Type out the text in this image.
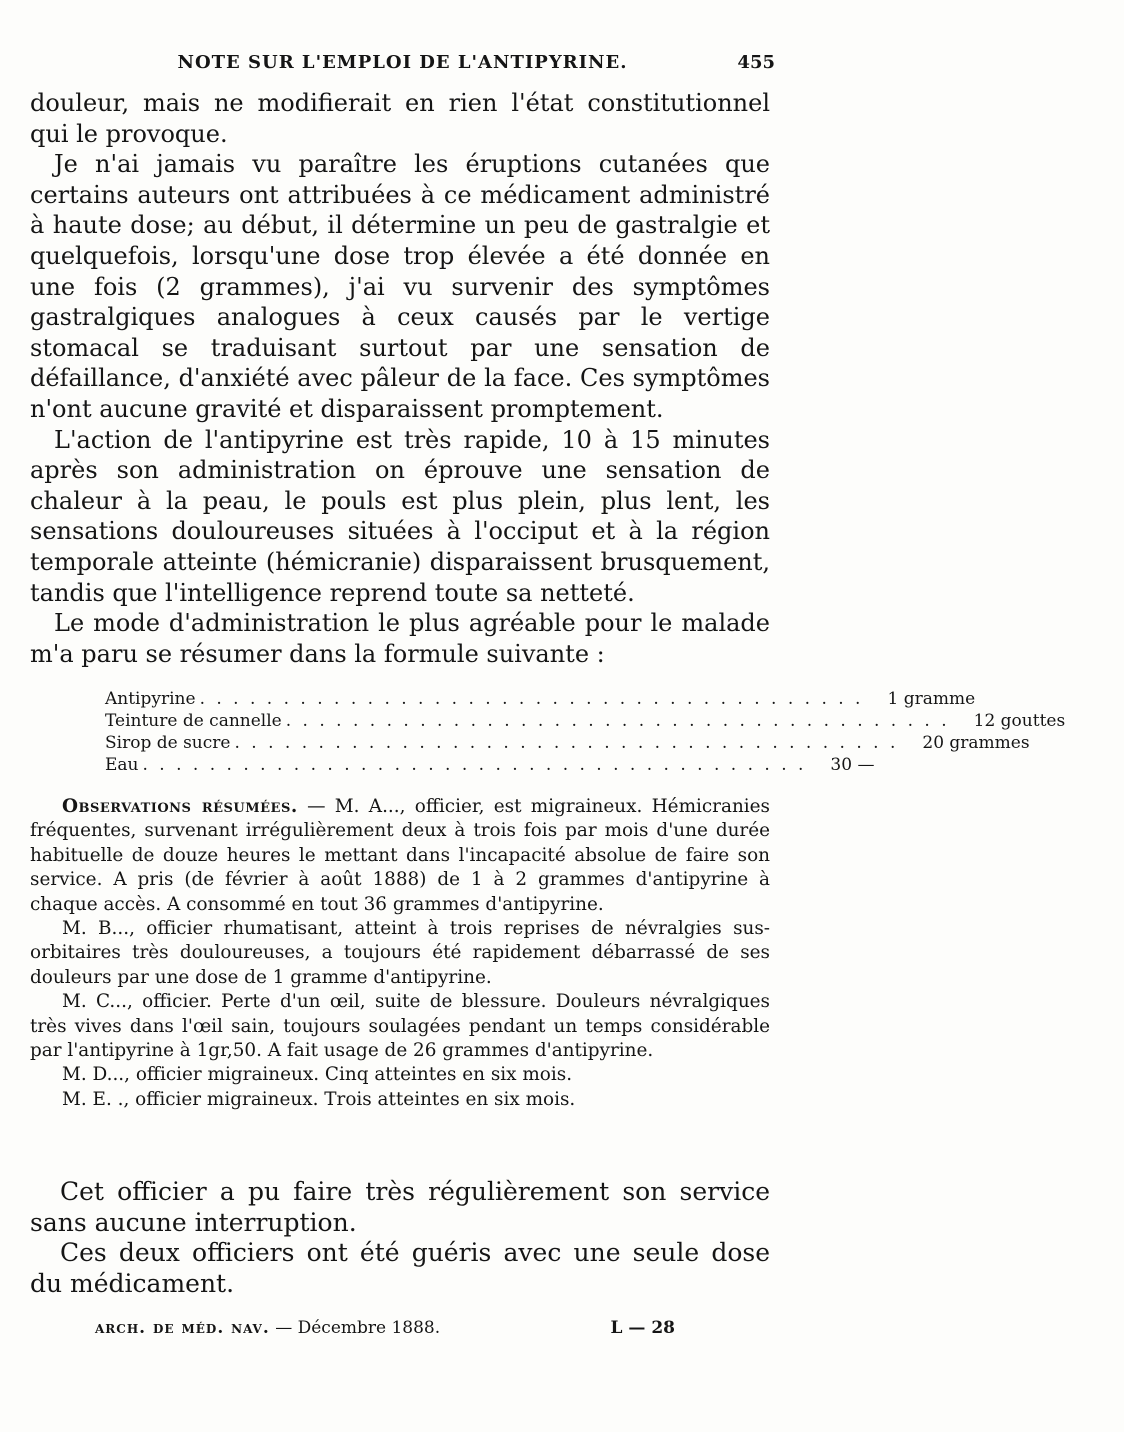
NOTE SUR L'EMPLOI DE L'ANTIPYRINE.	455

douleur, mais ne modifierait en rien l'état constitutionnel qui le provoque.

Je n'ai jamais vu paraître les éruptions cutanées que certains auteurs ont attribuées à ce médicament administré à haute dose; au début, il détermine un peu de gastralgie et quelquefois, lorsqu'une dose trop élevée a été donnée en une fois (2 grammes), j'ai vu survenir des symptômes gastralgiques analogues à ceux causés par le vertige stomacal se traduisant surtout par une sensation de défaillance, d'anxiété avec pâleur de la face. Ces symptômes n'ont aucune gravité et disparaissent promptement.

L'action de l'antipyrine est très rapide, 10 à 15 minutes après son administration on éprouve une sensation de chaleur à la peau, le pouls est plus plein, plus lent, les sensations douloureuses situées à l'occiput et à la région temporale atteinte (hémicranie) disparaissent brusquement, tandis que l'intelligence reprend toute sa netteté.

Le mode d'administration le plus agréable pour le malade m'a paru se résumer dans la formule suivante :

Antipyrine . . . . . . . . . . . . . . . . . . . . . . . . . . . . . . . . . . . . . . . .	1 gramme
Teinture de cannelle . . . . . . . . . . . . . . . . . . . . . . . . . . . . . . . . . . . . . . . .	12 gouttes
Sirop de sucre . . . . . . . . . . . . . . . . . . . . . . . . . . . . . . . . . . . . . . . .	20 grammes
Eau . . . . . . . . . . . . . . . . . . . . . . . . . . . . . . . . . . . . . . . .	30 —

Observations résumées. — M. A..., officier, est migraineux. Hémicranies fréquentes, survenant irrégulièrement deux à trois fois par mois d'une durée habituelle de douze heures le mettant dans l'incapacité absolue de faire son service. A pris (de février à août 1888) de 1 à 2 grammes d'antipyrine à chaque accès. A consommé en tout 36 grammes d'antipyrine.

M. B..., officier rhumatisant, atteint à trois reprises de névralgies sus-orbitaires très douloureuses, a toujours été rapidement débarrassé de ses douleurs par une dose de 1 gramme d'antipyrine.

M. C..., officier. Perte d'un œil, suite de blessure. Douleurs névralgiques très vives dans l'œil sain, toujours soulagées pendant un temps considérable par l'antipyrine à 1gr,50. A fait usage de 26 grammes d'antipyrine.

M. D..., officier migraineux. Cinq atteintes en six mois.

M. E. ., officier migraineux. Trois atteintes en six mois.

Cet officier a pu faire très régulièrement son service sans aucune interruption.

Ces deux officiers ont été guéris avec une seule dose du médicament.

arch. de méd. nav. — Décembre 1888.	L — 28
